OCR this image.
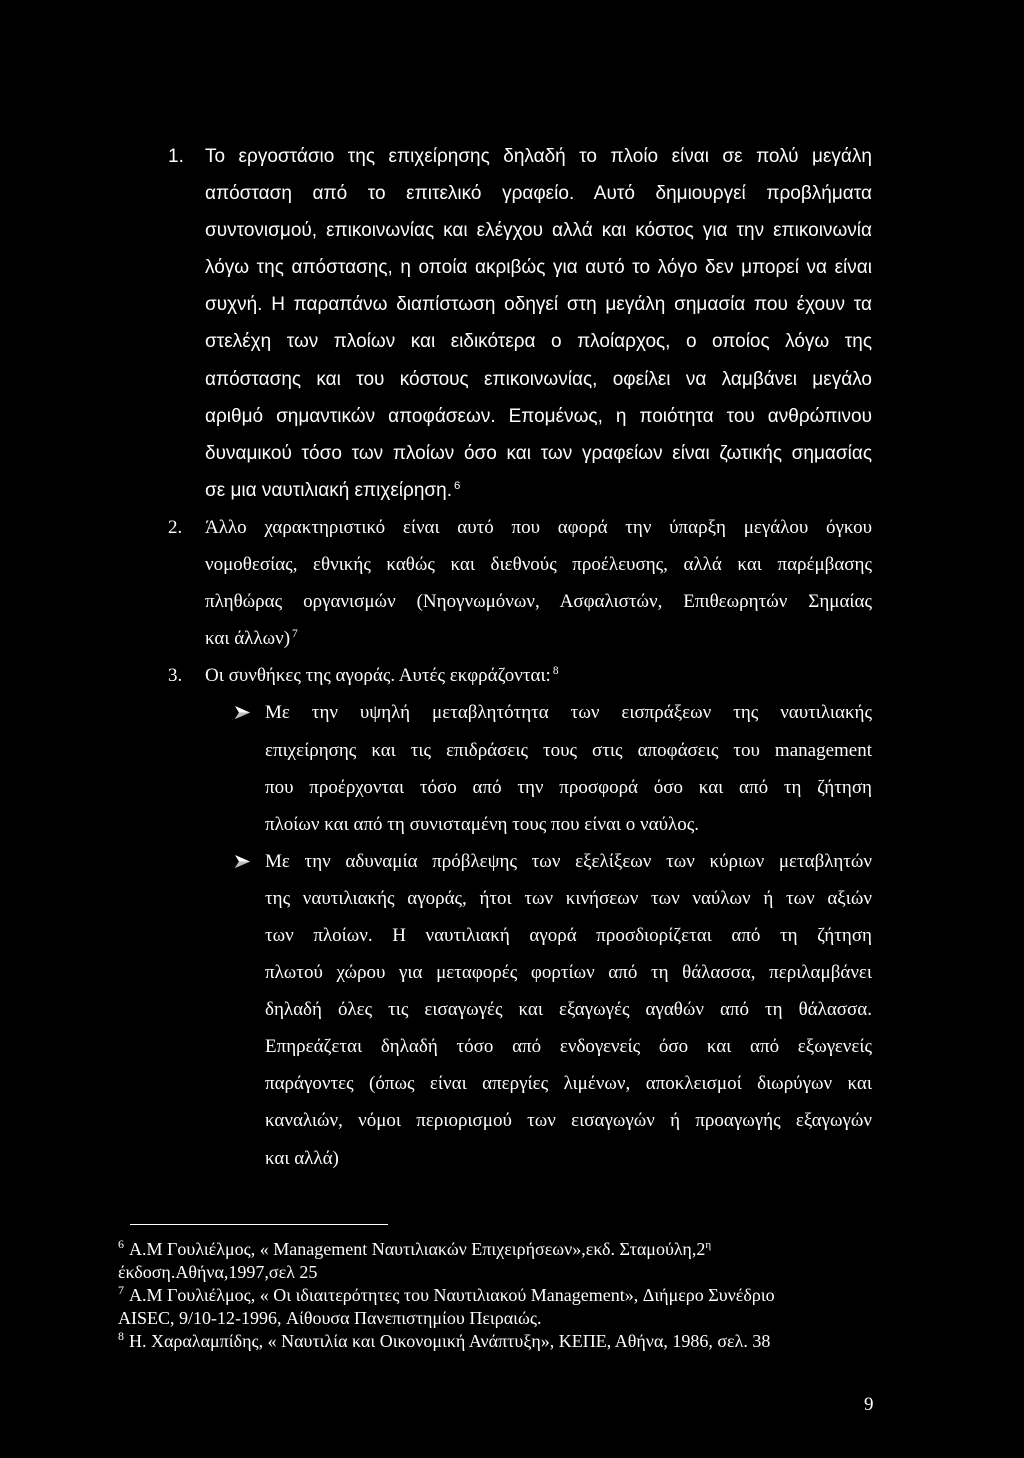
1. Το εργοστάσιο της επιχείρησης δηλαδή το πλοίο είναι σε πολύ μεγάλη
απόσταση από το επιτελικό γραφείο. Αυτό δημιουργεί προβλήματα
συντονισμού, επικοινωνίας και ελέγχου αλλά και κόστος για την επικοινωνία
λόγω της απόστασης, η οποία ακριβώς για αυτό το λόγο δεν μπορεί να είναι
συχνή. Η παραπάνω διαπίστωση οδηγεί στη μεγάλη σημασία που έχουν τα
στελέχη των πλοίων και ειδικότερα ο πλοίαρχος, ο οποίος λόγω της
απόστασης και του κόστους επικοινωνίας, οφείλει να λαμβάνει μεγάλο
αριθμό σημαντικών αποφάσεων. Επομένως, η ποιότητα του ανθρώπινου
δυναμικού τόσο των πλοίων όσο και των γραφείων είναι ζωτικής σημασίας
σε μια ναυτιλιακή επιχείρηση. $^6$
2. Άλλο χαρακτηριστικό είναι αυτό που αφορά την ύπαρξη μεγάλου όγκου
νομοθεσίας, εθνικής καθώς και διεθνούς προέλευσης, αλλά και παρέμβασης
πληθώρας οργανισμών (Νηογνωμόνων, Ασφαλιστών, Επιθεωρητών Σημαίας
και άλλων) $^7$
3. Οι συνθήκες της αγοράς. Αυτές εκφράζονται: $^8$
Με την υψηλή μεταβλητότητα των εισπράξεων της ναυτιλιακής
επιχείρησης και τις επιδράσεις τους στις αποφάσεις του management
που προέρχονται τόσο από την προσφορά όσο και από τη ζήτηση
πλοίων και από τη συνισταμένη τους που είναι ο ναύλος.
Με την αδυναμία πρόβλεψης των εξελίξεων των κύριων μεταβλητών
της ναυτιλιακής αγοράς, ήτοι των κινήσεων των ναύλων ή των αξιών
των πλοίων. Η ναυτιλιακή αγορά προσδιορίζεται από τη ζήτηση
πλωτού χώρου για μεταφορές φορτίων από τη θάλασσα, περιλαμβάνει
δηλαδή όλες τις εισαγωγές και εξαγωγές αγαθών από τη θάλασσα.
Επηρεάζεται δηλαδή τόσο από ενδογενείς όσο και από εξωγενείς
παράγοντες (όπως είναι απεργίες λιμένων, αποκλεισμοί διωρύγων και
καναλιών, νόμοι περιορισμού των εισαγωγών ή προαγωγής εξαγωγών
και αλλά)
$^6$ Α.Μ Γουλιέλμος, « Management Ναυτιλιακών Επιχειρήσεων»,εκδ. Σταμούλη,2$^\eta$
έκδοση.Αθήνα,1997,σελ 25
$^7$ Α.Μ Γουλιέλμος, « Οι ιδιαιτερότητες του Ναυτιλιακού Management», Διήμερο Συνέδριο
AISEC, 9/10-12-1996, Αίθουσα Πανεπιστημίου Πειραιώς.
$^8$ Η. Χαραλαμπίδης, « Ναυτιλία και Οικονομική Ανάπτυξη», ΚΕΠΕ, Αθήνα, 1986, σελ. 38
9
